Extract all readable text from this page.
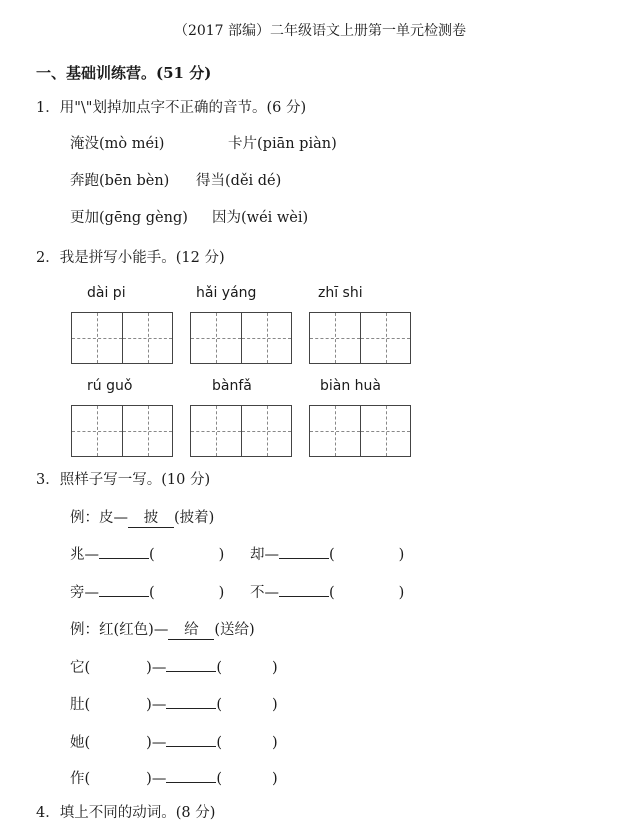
（2017 部编）二年级语文上册第一单元检测卷
一、基础训练营。(51 分)
1．用"\"划掉加点字不正确的音节。(6 分)
淹没(mò méi)	卡片(piān piàn)
奔跑(bēn bèn) 得当(děi dé)
更加(gēng gèng) 因为(wéi wèi)
2．我是拼写小能手。(12 分)
dài pi	hǎi yáng	zhī shi
rú guǒ	bànfǎ	biàn huà
3．照样子写一写。(10 分)
例：皮— 披 (披着)
兆—	(	) 却—	(	)
旁—	(	) 不—	(	)
例：红(红色)— 给 (送给)
它(	)—	(	)
肚(	)—	(	)
她(	)—	(	)
作(	)—	(	)
4．填上不同的动词。(8 分)
